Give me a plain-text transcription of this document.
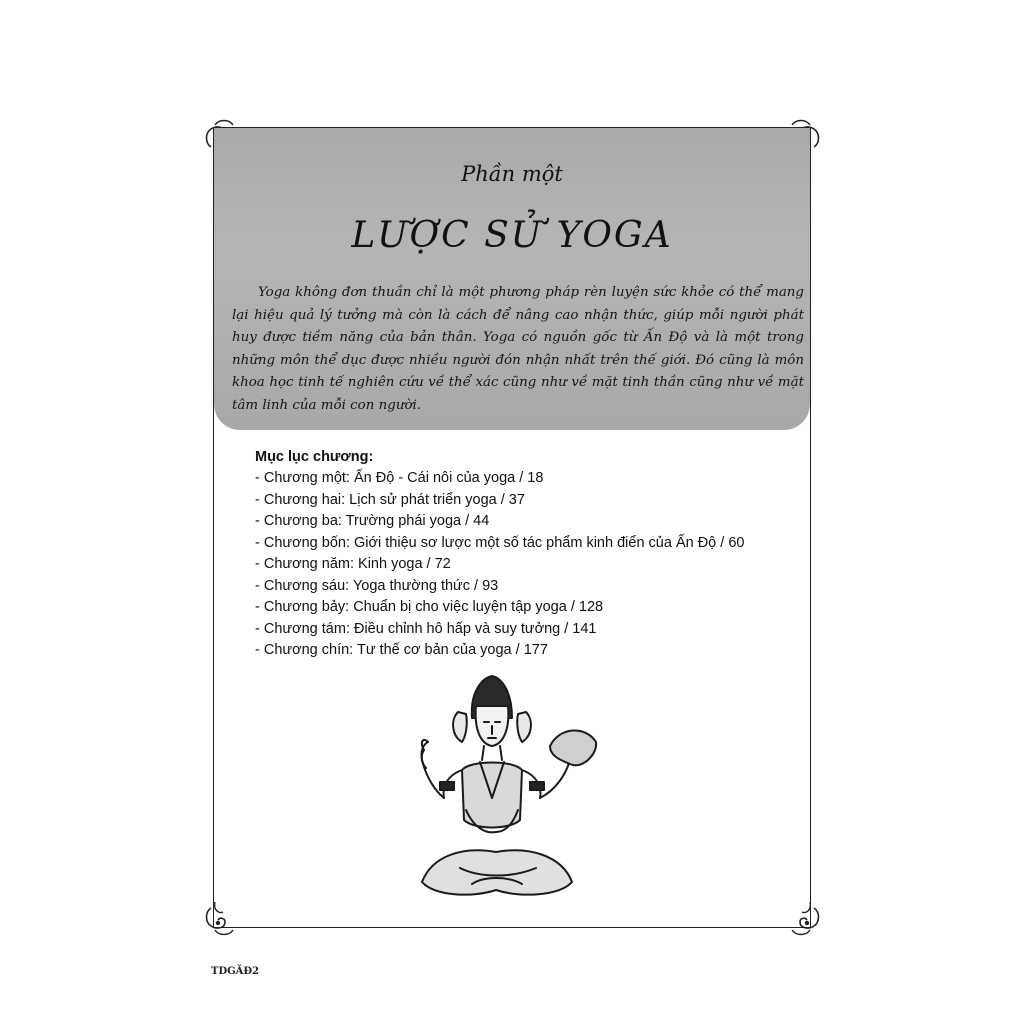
Phần một
LƯỢC SỬ YOGA

Yoga không đơn thuần chỉ là một phương pháp rèn luyện sức khỏe có thể mang lại hiệu quả lý tưởng mà còn là cách để nâng cao nhận thức, giúp mỗi người phát huy được tiềm năng của bản thân. Yoga có nguồn gốc từ Ấn Độ và là một trong những môn thể dục được nhiều người đón nhận nhất trên thế giới. Đó cũng là môn khoa học tinh tế nghiên cứu về thể xác cũng như về mặt tinh thần cũng như về mặt tâm linh của mỗi con người.

Mục lục chương:

- Chương một: Ấn Độ - Cái nôi của yoga / 18
- Chương hai: Lịch sử phát triển yoga / 37
- Chương ba: Trường phái yoga / 44
- Chương bốn: Giới thiệu sơ lược một số tác phẩm kinh điển của Ấn Độ / 60
- Chương năm: Kinh yoga / 72
- Chương sáu: Yoga thường thức / 93
- Chương bảy: Chuẩn bị cho việc luyện tập yoga / 128
- Chương tám: Điều chỉnh hô hấp và suy tưởng / 141
- Chương chín: Tư thế cơ bản của yoga / 177
TDGĂĐ2
